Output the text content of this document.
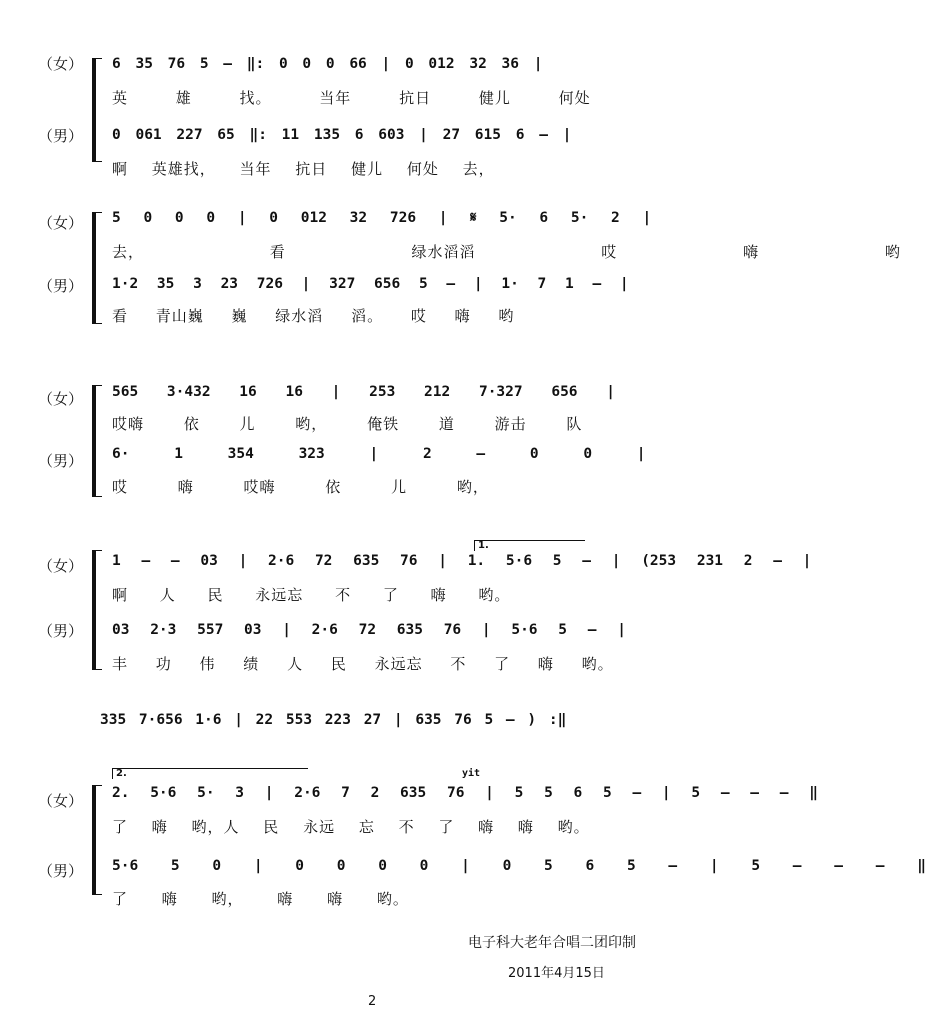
（女）
（男）
6 35 76 5 – ‖: 0 0 0 66 | 0 012 32 36 |
英 雄 找。 当年 抗日 健儿 何处
0 061 227 65 ‖: 11 135 6 603 | 27 615 6 – |
啊 英雄找， 当年 抗日 健儿 何处 去，
（女）
（男）
5 0 0 0 | 0 012 32 726 | 𝄋 5· 6 5· 2 |
去， 看 绿水滔滔 哎 嗨 哟
1·2 35 3 23 726 | 327 656 5 – | 1· 7 1 – |
看 青山巍 巍 绿水滔 滔。 哎 嗨 哟
（女）
（男）
565 3·432 16 16 | 253 212 7·327 656 |
哎嗨 依 儿 哟， 俺铁 道 游击 队
6· 1 354 323 | 2 – 0 0 |
哎 嗨 哎嗨 依 儿 哟，
（女）
（男）
1.
1 – – 03 | 2·6 72 635 76 | 1. 5·6 5 – | (253 231 2 – |
啊 人 民 永远忘 不 了 嗨 哟。
03 2·3 557 03 | 2·6 72 635 76 | 5·6 5 – |
丰 功 伟 绩 人 民 永远忘 不 了 嗨 哟。
335 7·656 1·6 | 22 553 223 27 | 635 76 5 – ) :‖
（女）
（男）
2.	yit
2. 5·6 5· 3 | 2·6 7 2 635 76 | 5 5 6 5 – | 5 – – – ‖
了 嗨 哟，人 民 永远 忘 不 了 嗨 嗨 哟。
5·6 5 0 | 0 0 0 0 | 0 5 6 5 – | 5 – – – ‖
了 嗨 哟， 嗨 嗨 哟。
电子科大老年合唱二团印制
2011年4月15日
2
